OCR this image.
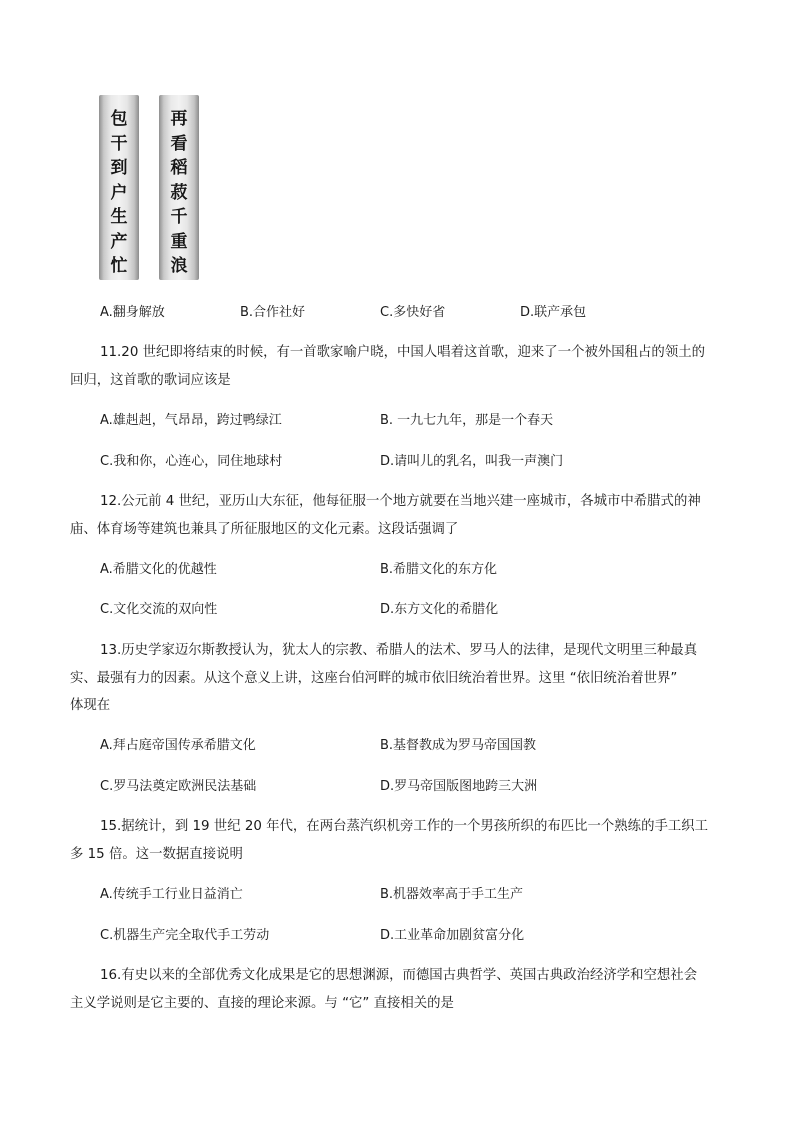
包
干
到
户
生
产
忙
再
看
稻
菽
千
重
浪
A.翻身解放	B.合作社好	C.多快好省	D.联产承包
11.20 世纪即将结束的时候，有一首歌家喻户晓，中国人唱着这首歌，迎来了一个被外国租占的领土的
回归，这首歌的歌词应该是
A.雄赳赳，气昂昂，跨过鸭绿江	B. 一九七九年，那是一个春天
C.我和你，心连心，同住地球村	D.请叫儿的乳名，叫我一声澳门
12.公元前 4 世纪，亚历山大东征，他每征服一个地方就要在当地兴建一座城市，各城市中希腊式的神
庙、体育场等建筑也兼具了所征服地区的文化元素。这段话强调了
A.希腊文化的优越性	B.希腊文化的东方化
C.文化交流的双向性	D.东方文化的希腊化
13.历史学家迈尔斯教授认为，犹太人的宗教、希腊人的法术、罗马人的法律，是现代文明里三种最真
实、最强有力的因素。从这个意义上讲，这座台伯河畔的城市依旧统治着世界。这里 “依旧统治着世界”
体现在
A.拜占庭帝国传承希腊文化	B.基督教成为罗马帝国国教
C.罗马法奠定欧洲民法基础	D.罗马帝国版图地跨三大洲
15.据统计，到 19 世纪 20 年代，在两台蒸汽织机旁工作的一个男孩所织的布匹比一个熟练的手工织工
多 15 倍。这一数据直接说明
A.传统手工行业日益消亡	B.机器效率高于手工生产
C.机器生产完全取代手工劳动	D.工业革命加剧贫富分化
16.有史以来的全部优秀文化成果是它的思想渊源，而德国古典哲学、英国古典政治经济学和空想社会
主义学说则是它主要的、直接的理论来源。与 “它” 直接相关的是
